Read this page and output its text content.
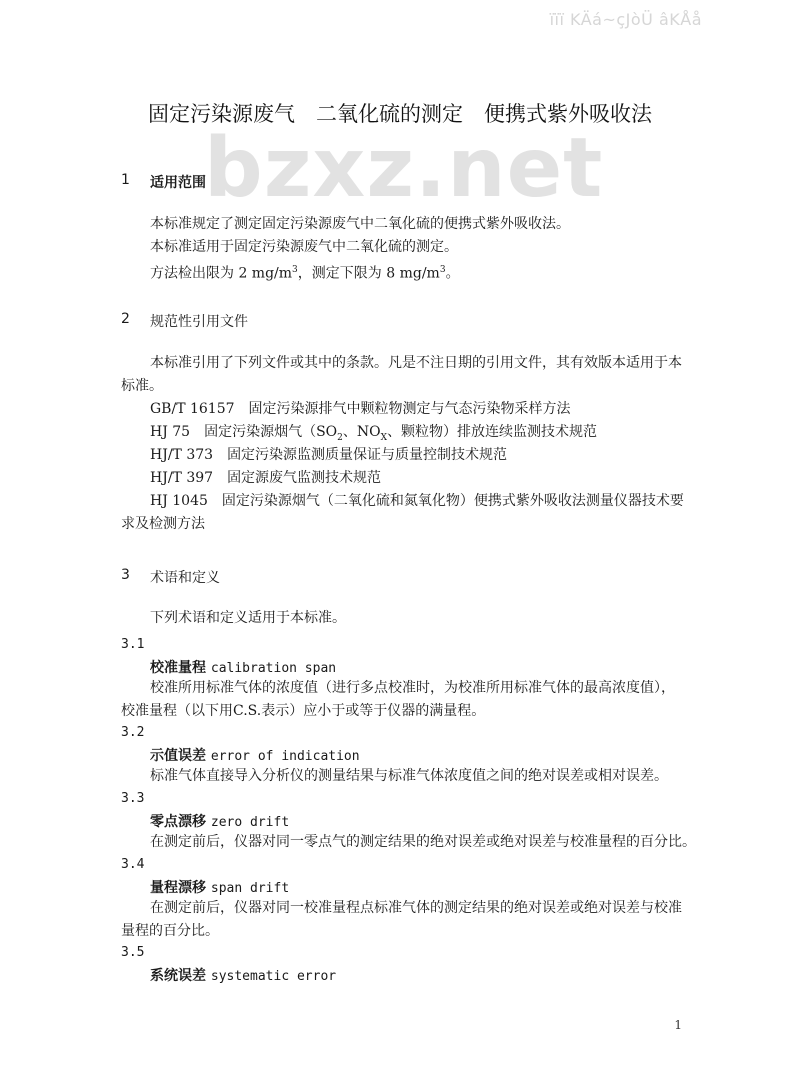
ïïï KÄá~çJòÜ âKÅå
bzxz.net
固定污染源废气　 二氧化硫的测定　 便携式紫外吸收法
1 适用范围
本标准规定了测定固定污染源废气中二氧化硫的便携式紫外吸收法。
本标准适用于固定污染源废气中二氧化硫的测定。
方法检出限为 2 $mg/m^3$，测定下限为 8 $mg/m^3$。
2 规范性引用文件
本标准引用了下列文件或其中的条款。凡是不注日期的引用文件，其有效版本适用于本
标准。
GB/T 16157　 固定污染源排气中颗粒物测定与气态污染物采样方法
HJ 75　 固定污染源烟气（$SO_2$、$NO_X$、颗粒物）排放连续监测技术规范
HJ/T 373　 固定污染源监测质量保证与质量控制技术规范
HJ/T 397　 固定源废气监测技术规范
HJ 1045　 固定污染源烟气（二氧化硫和氮氧化物）便携式紫外吸收法测量仪器技术要
求及检测方法
3 术语和定义
下列术语和定义适用于本标准。
3.1
校准量程 calibration span
校准所用标准气体的浓度值（进行多点校准时，为校准所用标准气体的最高浓度值），
校准量程（以下用C.S.表示）应小于或等于仪器的满量程。
3.2
示值误差 error of indication
标准气体直接导入分析仪的测量结果与标准气体浓度值之间的绝对误差或相对误差。
3.3
零点漂移 zero drift
在测定前后，仪器对同一零点气的测定结果的绝对误差或绝对误差与校准量程的百分比。
3.4
量程漂移 span drift
在测定前后，仪器对同一校准量程点标准气体的测定结果的绝对误差或绝对误差与校准
量程的百分比。
3.5
系统误差 systematic error
1
